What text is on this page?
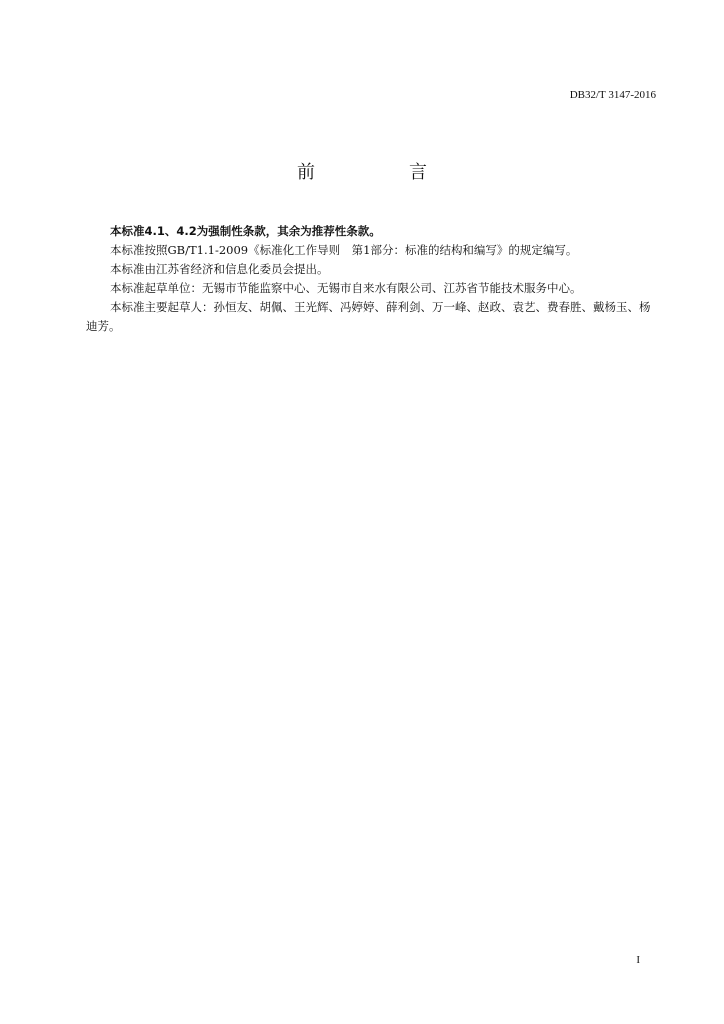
DB32/T 3147-2016
前　言

本标准4.1、4.2为强制性条款，其余为推荐性条款。

本标准按照GB/T1.1-2009《标准化工作导则　第1部分：标准的结构和编写》的规定编写。

本标准由江苏省经济和信息化委员会提出。

本标准起草单位：无锡市节能监察中心、无锡市自来水有限公司、江苏省节能技术服务中心。

本标准主要起草人：孙恒友、胡佩、王光辉、冯婷婷、薛利剑、万一峰、赵政、袁艺、费春胜、戴杨玉、杨迪芳。

I
